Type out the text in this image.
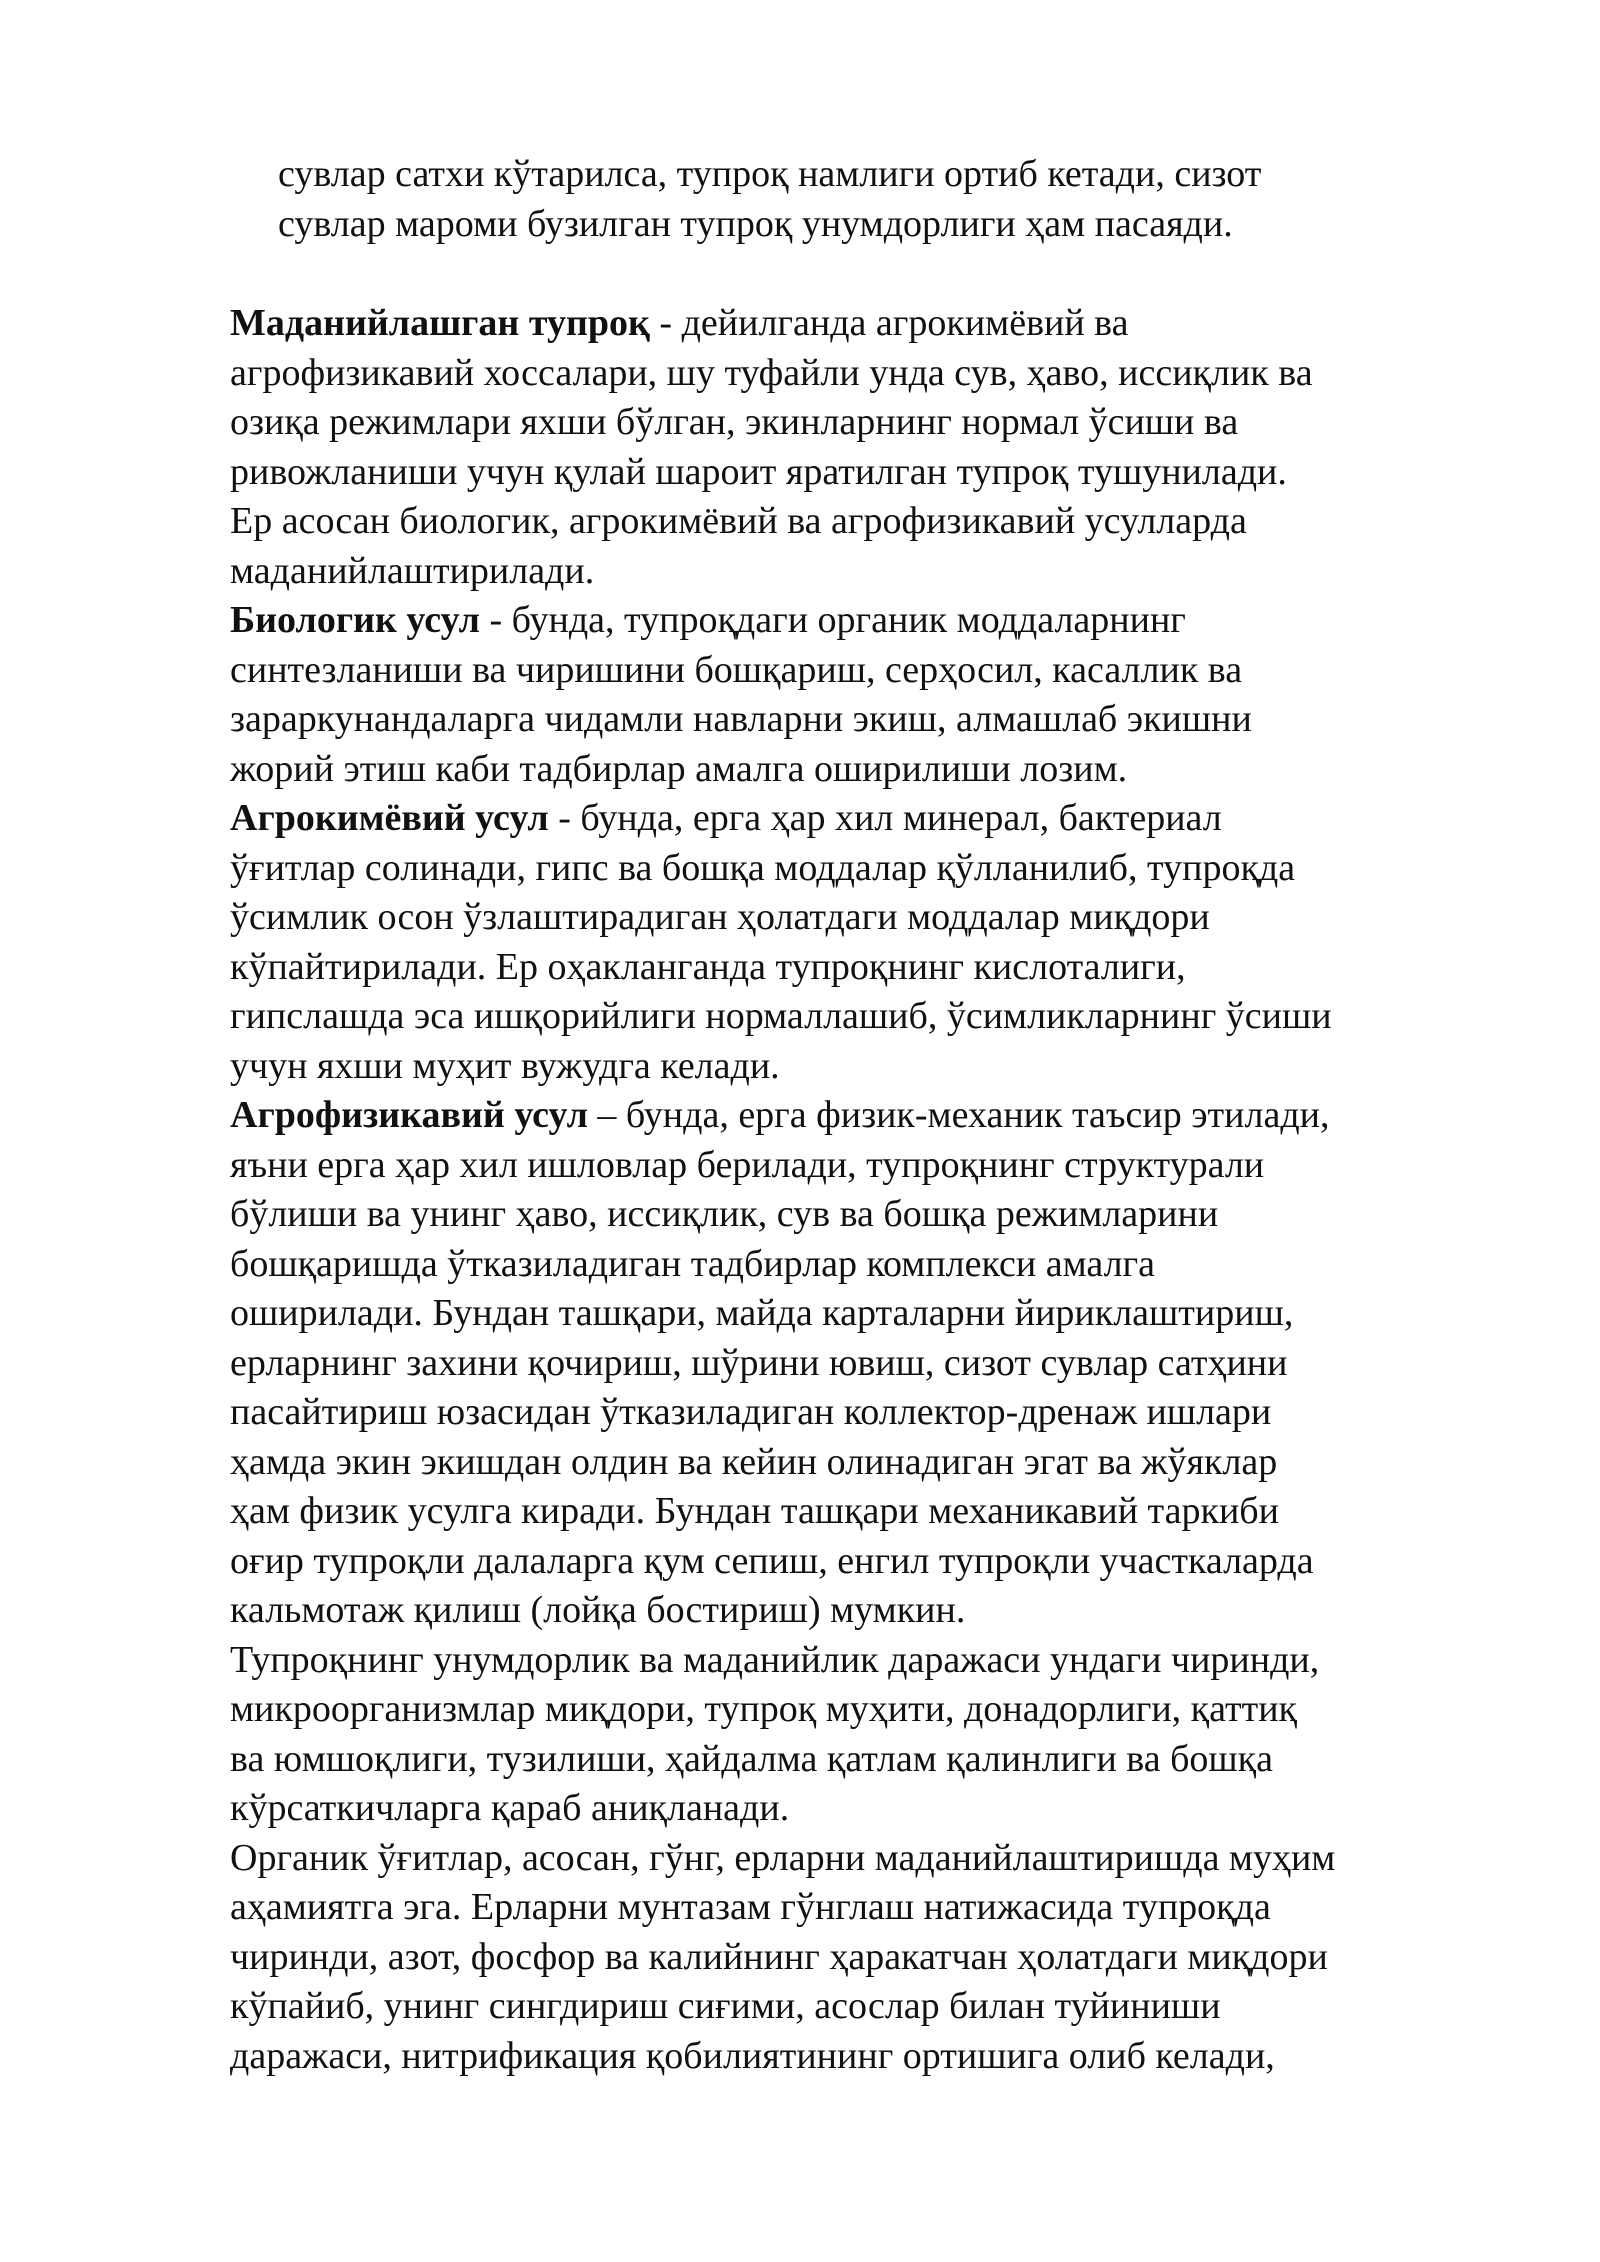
сувлар сатхи кўтарилса, тупроқ намлиги ортиб кетади, сизот
сувлар мароми бузилган тупроқ унумдорлиги ҳам пасаяди.
Маданийлашган тупроқ - дейилганда агрокимёвий ва
агрофизикавий хоссалари, шу туфайли унда сув, ҳаво, иссиқлик ва
озиқа режимлари яхши бўлган, экинларнинг нормал ўсиши ва
ривожланиши учун қулай шароит яратилган тупроқ тушунилади.
Ер асосан биологик, агрокимёвий ва агрофизикавий усулларда
маданийлаштирилади.
Биологик усул - бунда, тупроқдаги органик моддаларнинг
синтезланиши ва чиришини бошқариш, серҳосил, касаллик ва
зараркунандаларга чидамли навларни экиш, алмашлаб экишни
жорий этиш каби тадбирлар амалга оширилиши лозим.
Агрокимёвий усул - бунда, ерга ҳар хил минерал, бактериал
ўғитлар солинади, гипс ва бошқа моддалар қўлланилиб, тупроқда
ўсимлик осон ўзлаштирадиган ҳолатдаги моддалар миқдори
кўпайтирилади. Ер оҳакланганда тупроқнинг кислоталиги,
гипслашда эса ишқорийлиги нормаллашиб, ўсимликларнинг ўсиши
учун яхши муҳит вужудга келади.
Агрофизикавий усул – бунда, ерга физик-механик таъсир этилади,
яъни ерга ҳар хил ишловлар берилади, тупроқнинг структурали
бўлиши ва унинг ҳаво, иссиқлик, сув ва бошқа режимларини
бошқаришда ўтказиладиган тадбирлар комплекси амалга
оширилади. Бундан ташқари, майда карталарни йириклаштириш,
ерларнинг захини қочириш, шўрини ювиш, сизот сувлар сатҳини
пасайтириш юзасидан ўтказиладиган коллектор-дренаж ишлари
ҳамда экин экишдан олдин ва кейин олинадиган эгат ва жўяклар
ҳам физик усулга киради. Бундан ташқари механикавий таркиби
оғир тупроқли далаларга қум сепиш, енгил тупроқли участкаларда
кальмотаж қилиш (лойқа бостириш) мумкин.
Тупроқнинг унумдорлик ва маданийлик даражаси ундаги чиринди,
микроорганизмлар миқдори, тупроқ муҳити, донадорлиги, қаттиқ
ва юмшоқлиги, тузилиши, ҳайдалма қатлам қалинлиги ва бошқа
кўрсаткичларга қараб аниқланади.
Органик ўғитлар, асосан, гўнг, ерларни маданийлаштиришда муҳим
аҳамиятга эга. Ерларни мунтазам гўнглаш натижасида тупроқда
чиринди, азот, фосфор ва калийнинг ҳаракатчан ҳолатдаги миқдори
кўпайиб, унинг сингдириш сиғими, асослар билан туйиниши
даражаси, нитрификация қобилиятининг ортишига олиб келади,
